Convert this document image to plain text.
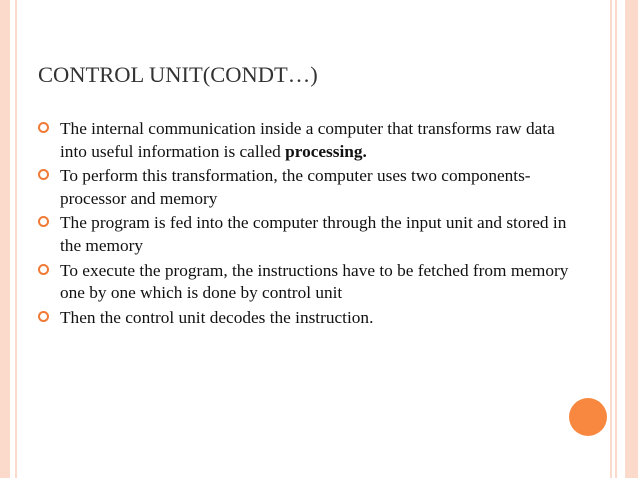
CONTROL UNIT(CONDT…)
The internal communication inside a computer that transforms raw data into useful information is called processing.
To perform this transformation, the computer uses two components- processor and memory
The program is fed into the computer through the input unit and stored in the memory
To execute the program, the instructions have to be fetched from memory one by one which is done by control unit
Then the control unit decodes the instruction.
